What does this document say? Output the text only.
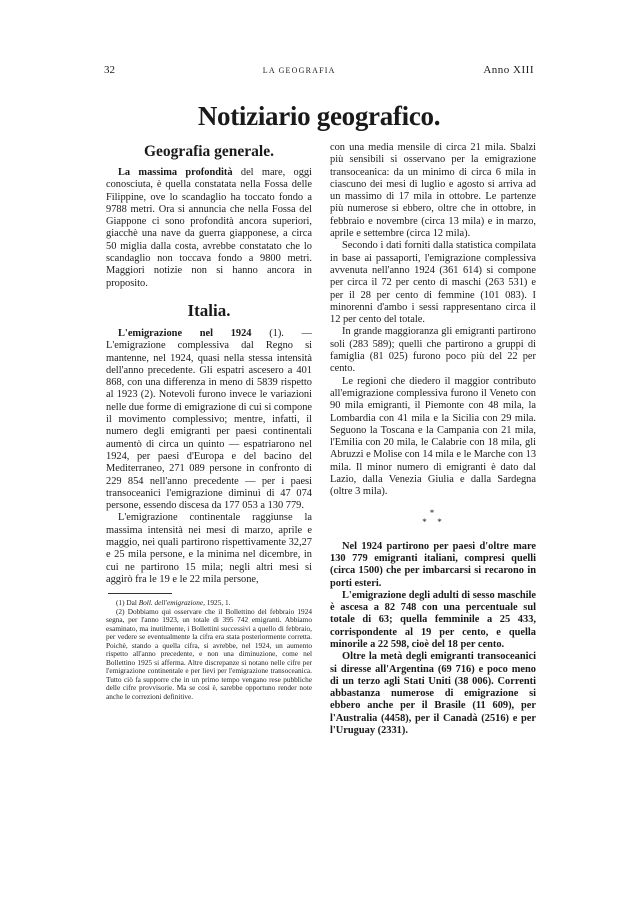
32	LA GEOGRAFIA	Anno XIII
Notiziario geografico.
Geografia generale.

La massima profondità del mare, oggi conosciuta, è quella constatata nella Fossa delle Filippine, ove lo scandaglio ha toccato fondo a 9788 metri. Ora si annuncia che nella Fossa del Giappone ci sono profondità ancora superiori, giacchè una nave da guerra giapponese, a circa 50 miglia dalla costa, avrebbe constatato che lo scandaglio non toccava fondo a 9800 metri. Maggiori notizie non si hanno ancora in proposito.

Italia.

L'emigrazione nel 1924 (1). — L'emigrazione complessiva dal Regno si mantenne, nel 1924, quasi nella stessa intensità dell'anno precedente. Gli espatri ascesero a 401 868, con una differenza in meno di 5839 rispetto al 1923 (2). Notevoli furono invece le variazioni nelle due forme di emigrazione di cui si compone il movimento complessivo; mentre, infatti, il numero degli emigranti per paesi continentali aumentò di circa un quinto — espatriarono nel 1924, per paesi d'Europa e del bacino del Mediterraneo, 271 089 persone in confronto di 229 854 nell'anno precedente — per i paesi transoceanici l'emigrazione diminuì di 47 074 persone, essendo discesa da 177 053 a 130 779.

L'emigrazione continentale raggiunse la massima intensità nei mesi di marzo, aprile e maggio, nei quali partirono rispettivamente 32,27 e 25 mila persone, e la minima nel dicembre, in cui ne partirono 15 mila; negli altri mesi si aggirò fra le 19 e le 22 mila persone,

(1) Dal Boll. dell'emigrazione, 1925, 1.

(2) Dobbiamo qui osservare che il Bollettino del febbraio 1924 segna, per l'anno 1923, un totale di 395 742 emigranti. Abbiamo esaminato, ma inutilmente, i Bollettini successivi a quello di febbraio, per vedere se eventualmente la cifra era stata posteriormente corretta. Poichè, stando a quella cifra, si avrebbe, nel 1924, un aumento rispetto all'anno precedente, e non una diminuzione, come nel Bollettino 1925 si afferma. Altre discrepanze si notano nelle cifre per l'emigrazione continentale e per lievi per l'emigrazione transoceanica. Tutto ciò fa supporre che in un primo tempo vengano rese pubbliche delle cifre provvisorie. Ma se così è, sarebbe opportuno render note anche le correzioni definitive.

con una media mensile di circa 21 mila. Sbalzi più sensibili si osservano per la emigrazione transoceanica: da un minimo di circa 6 mila in ciascuno dei mesi di luglio e agosto si arriva ad un massimo di 17 mila in ottobre. Le partenze più numerose si ebbero, oltre che in ottobre, in febbraio e novembre (circa 13 mila) e in marzo, aprile e settembre (circa 12 mila).

Secondo i dati forniti dalla statistica compilata in base ai passaporti, l'emigrazione complessiva avvenuta nell'anno 1924 (361 614) si compone per circa il 72 per cento di maschi (263 531) e per il 28 per cento di femmine (101 083). I minorenni d'ambo i sessi rappresentano circa il 12 per cento del totale.

In grande maggioranza gli emigranti partirono soli (283 589); quelli che partirono a gruppi di famiglia (81 025) furono poco più del 22 per cento.

Le regioni che diedero il maggior contributo all'emigrazione complessiva furono il Veneto con 90 mila emigranti, il Piemonte con 48 mila, la Lombardia con 41 mila e la Sicilia con 29 mila. Seguono la Toscana e la Campania con 21 mila, l'Emilia con 20 mila, le Calabrie con 18 mila, gli Abruzzi e Molise con 14 mila e le Marche con 13 mila. Il minor numero di emigranti è dato dal Lazio, dalla Venezia Giulia e dalla Sardegna (oltre 3 mila).

*
* *

Nel 1924 partirono per paesi d'oltre mare 130 779 emigranti italiani, compresi quelli (circa 1500) che per imbarcarsi si recarono in porti esteri.

L'emigrazione degli adulti di sesso maschile è ascesa a 82 748 con una percentuale sul totale di 63; quella femminile a 25 433, corrispondente al 19 per cento, e quella minorile a 22 598, cioè del 18 per cento.

Oltre la metà degli emigranti transoceanici si diresse all'Argentina (69 716) e poco meno di un terzo agli Stati Uniti (38 006). Correnti abbastanza numerose di emigrazione si ebbero anche per il Brasile (11 609), per l'Australia (4458), per il Canadà (2516) e per l'Uruguay (2331).
